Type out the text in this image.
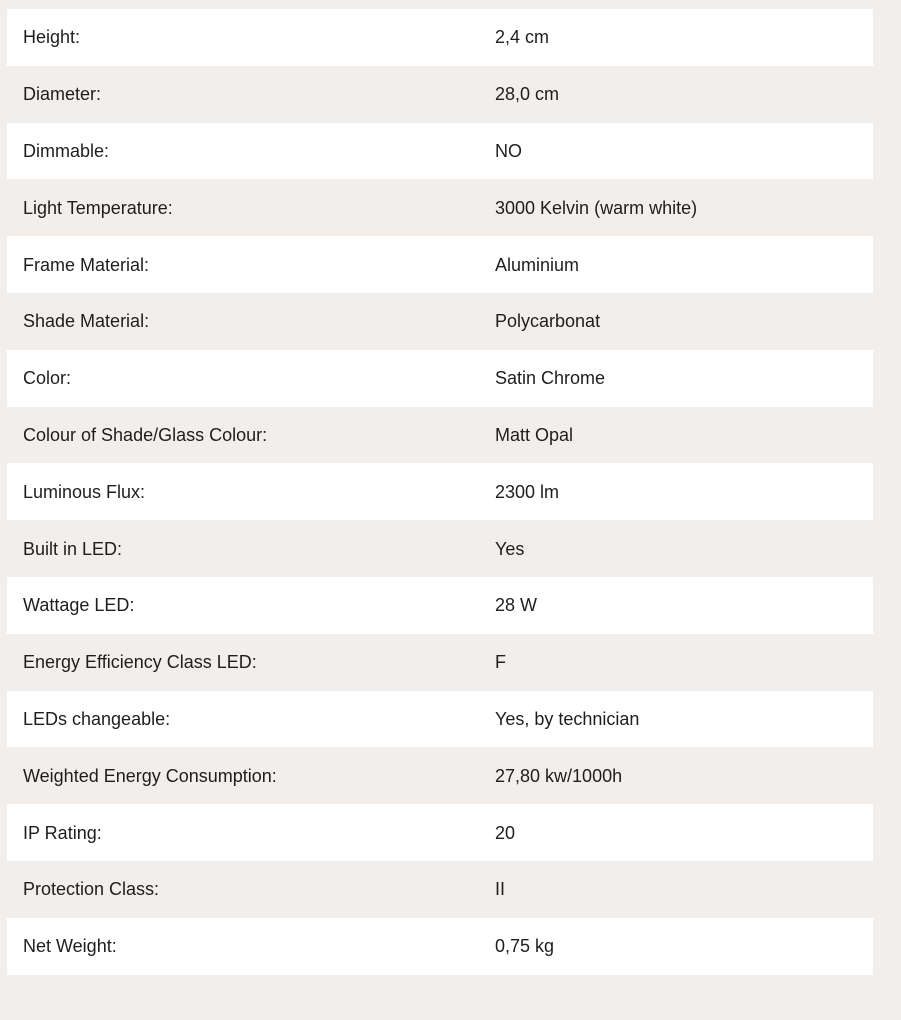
Height:	2,4 cm
Diameter:	28,0 cm
Dimmable:	NO
Light Temperature:	3000 Kelvin (warm white)
Frame Material:	Aluminium
Shade Material:	Polycarbonat
Color:	Satin Chrome
Colour of Shade/Glass Colour:	Matt Opal
Luminous Flux:	2300 lm
Built in LED:	Yes
Wattage LED:	28 W
Energy Efficiency Class LED:	F
LEDs changeable:	Yes, by technician
Weighted Energy Consumption:	27,80 kw/1000h
IP Rating:	20
Protection Class:	II
Net Weight:	0,75 kg
